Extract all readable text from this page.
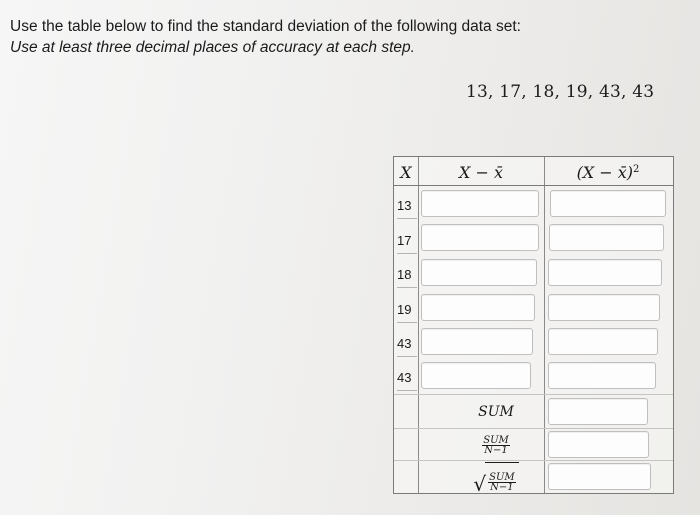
Use the table below to find the standard deviation of the following data set:
Use at least three decimal places of accuracy at each step.
13, 17, 18, 19, 43, 43
X	X − x̄	(X − x̄)$^2$
13
17
18
19
43
43
SUM
$\frac{\text{SUM}}{N-1}$
√ $\frac{\text{SUM}}{N-1}$
